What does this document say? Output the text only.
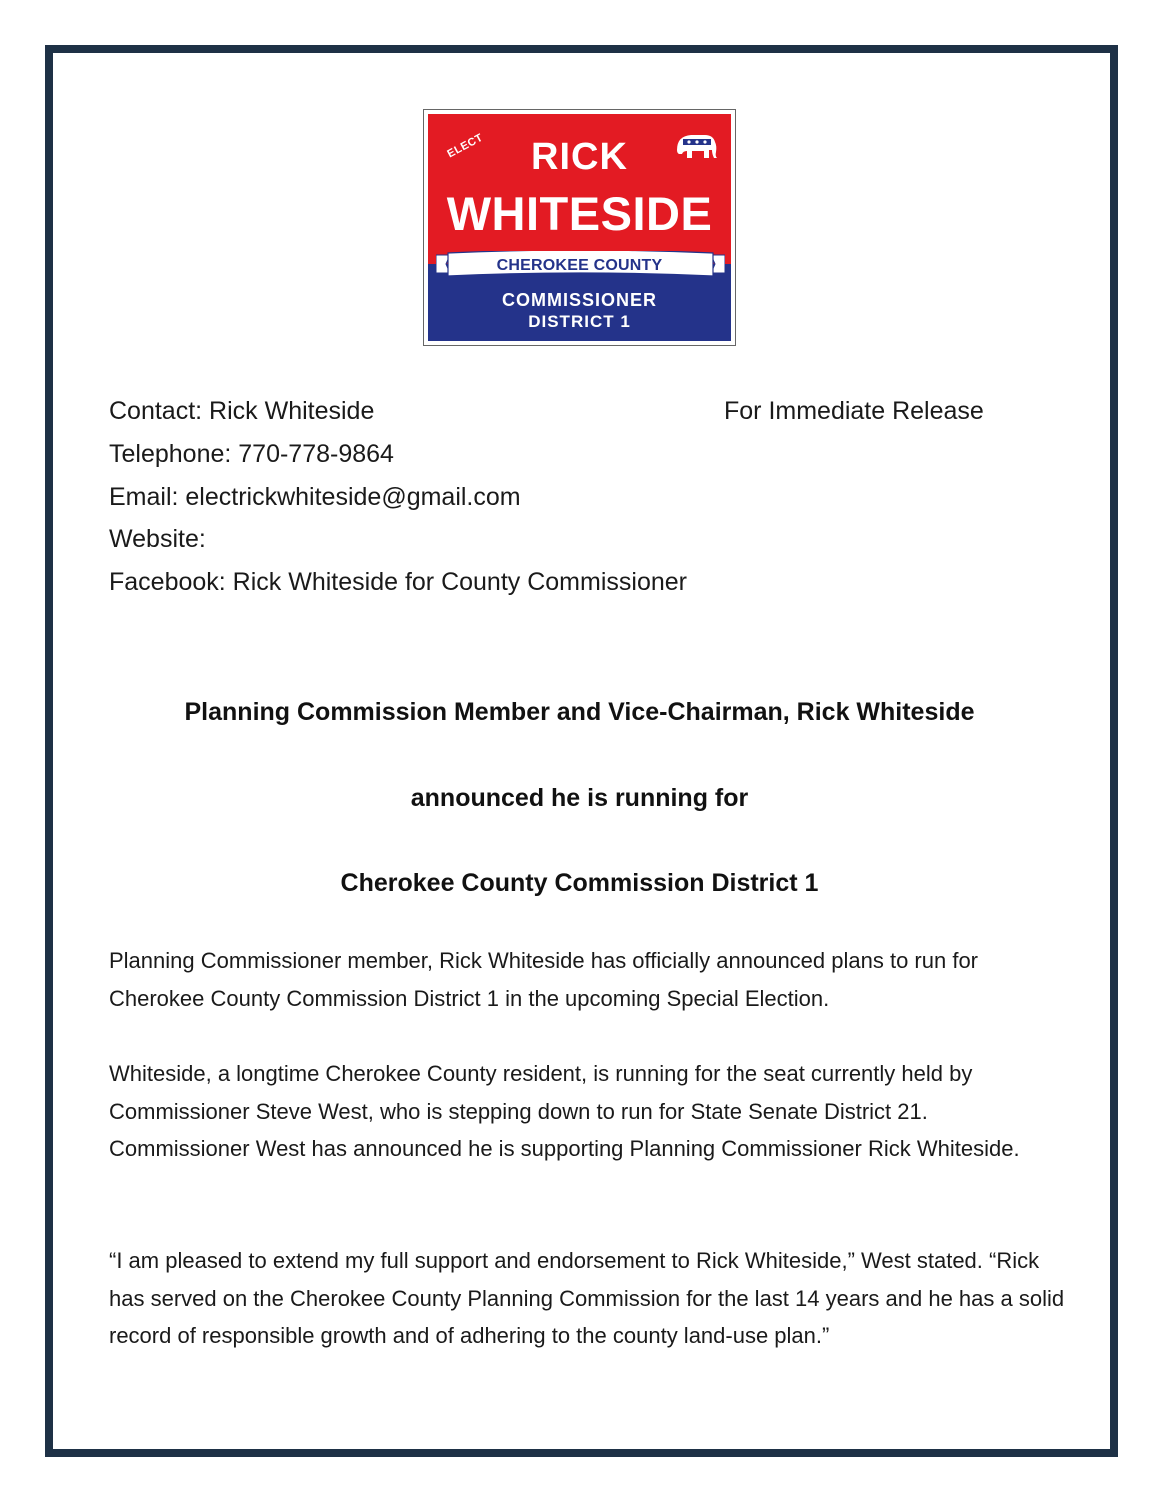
ELECT	RICK
WHITESIDE
CHEROKEE COUNTY
COMMISSIONER
DISTRICT 1
Contact: Rick Whiteside	For Immediate Release
Telephone: 770-778-9864
Email: electrickwhiteside@gmail.com
Website:
Facebook: Rick Whiteside for County Commissioner
Planning Commission Member and Vice-Chairman, Rick Whiteside
announced he is running for
Cherokee County Commission District 1
Planning Commissioner member, Rick Whiteside has officially announced plans to run for Cherokee County Commission District 1 in the upcoming Special Election.
Whiteside, a longtime Cherokee County resident, is running for the seat currently held by Commissioner Steve West, who is stepping down to run for State Senate District 21. Commissioner West has announced he is supporting Planning Commissioner Rick Whiteside.
“I am pleased to extend my full support and endorsement to Rick Whiteside,” West stated. “Rick has served on the Cherokee County Planning Commission for the last 14 years and he has a solid record of responsible growth and of adhering to the county land-use plan.”
